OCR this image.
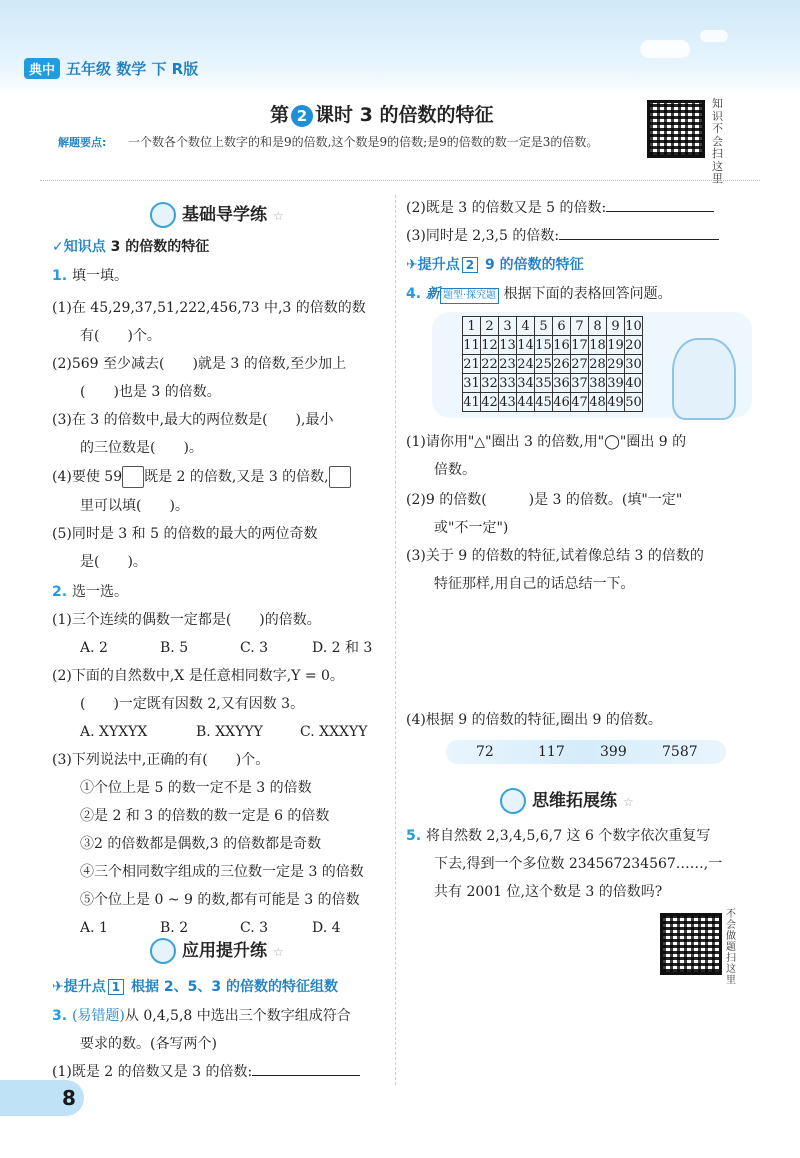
典中 五年级 数学 下 R版
第 2 课时 3 的倍数的特征
知识不会扫这里
解题要点: 一个数各个数位上数字的和是9的倍数,这个数是9的倍数;是9的倍数的数一定是3的倍数。
基础导学练 ☆
✓知识点 3 的倍数的特征
1. 填一填。
(1)在 45,29,37,51,222,456,73 中,3 的倍数的数
有(　　)个。
(2)569 至少减去(　　)就是 3 的倍数,至少加上
(　　)也是 3 的倍数。
(3)在 3 的倍数中,最大的两位数是(　　),最小
的三位数是(　　)。
(4)要使 59 既是 2 的倍数,又是 3 的倍数,
里可以填(　　)。
(5)同时是 3 和 5 的倍数的最大的两位奇数
是(　　)。
2. 选一选。
(1)三个连续的偶数一定都是(　　)的倍数。
A. 2	B. 5	C. 3	D. 2 和 3
(2)下面的自然数中,X 是任意相同数字,Y = 0。
(　　)一定既有因数 2,又有因数 3。
A. XYXYX	B. XXYYY	C. XXXYY
(3)下列说法中,正确的有(　　)个。
①个位上是 5 的数一定不是 3 的倍数
②是 2 和 3 的倍数的数一定是 6 的倍数
③2 的倍数都是偶数,3 的倍数都是奇数
④三个相同数字组成的三位数一定是 3 的倍数
⑤个位上是 0 ~ 9 的数,都有可能是 3 的倍数
A. 1	B. 2	C. 3	D. 4
应用提升练 ☆
✈提升点 1 根据 2、5、3 的倍数的特征组数
3. (易错题)从 0,4,5,8 中选出三个数字组成符合
要求的数。(各写两个)
(1)既是 2 的倍数又是 3 的倍数:
(2)既是 3 的倍数又是 5 的倍数:
(3)同时是 2,3,5 的倍数:
✈提升点 2 9 的倍数的特征
4. 新 题型·探究题 根据下面的表格回答问题。
1	2	3	4	5	6	7	8	9	10
11	12	13	14	15	16	17	18	19	20
21	22	23	24	25	26	27	28	29	30
31	32	33	34	35	36	37	38	39	40
41	42	43	44	45	46	47	48	49	50
(1)请你用"△"圈出 3 的倍数,用"◯"圈出 9 的
倍数。
(2)9 的倍数(　　　)是 3 的倍数。(填"一定"
或"不一定")
(3)关于 9 的倍数的特征,试着像总结 3 的倍数的
特征那样,用自己的话总结一下。
(4)根据 9 的倍数的特征,圈出 9 的倍数。
72	117	399	7587
思维拓展练 ☆
5. 将自然数 2,3,4,5,6,7 这 6 个数字依次重复写
下去,得到一个多位数 234567234567……,一
共有 2001 位,这个数是 3 的倍数吗?
不会做题扫这里
8
